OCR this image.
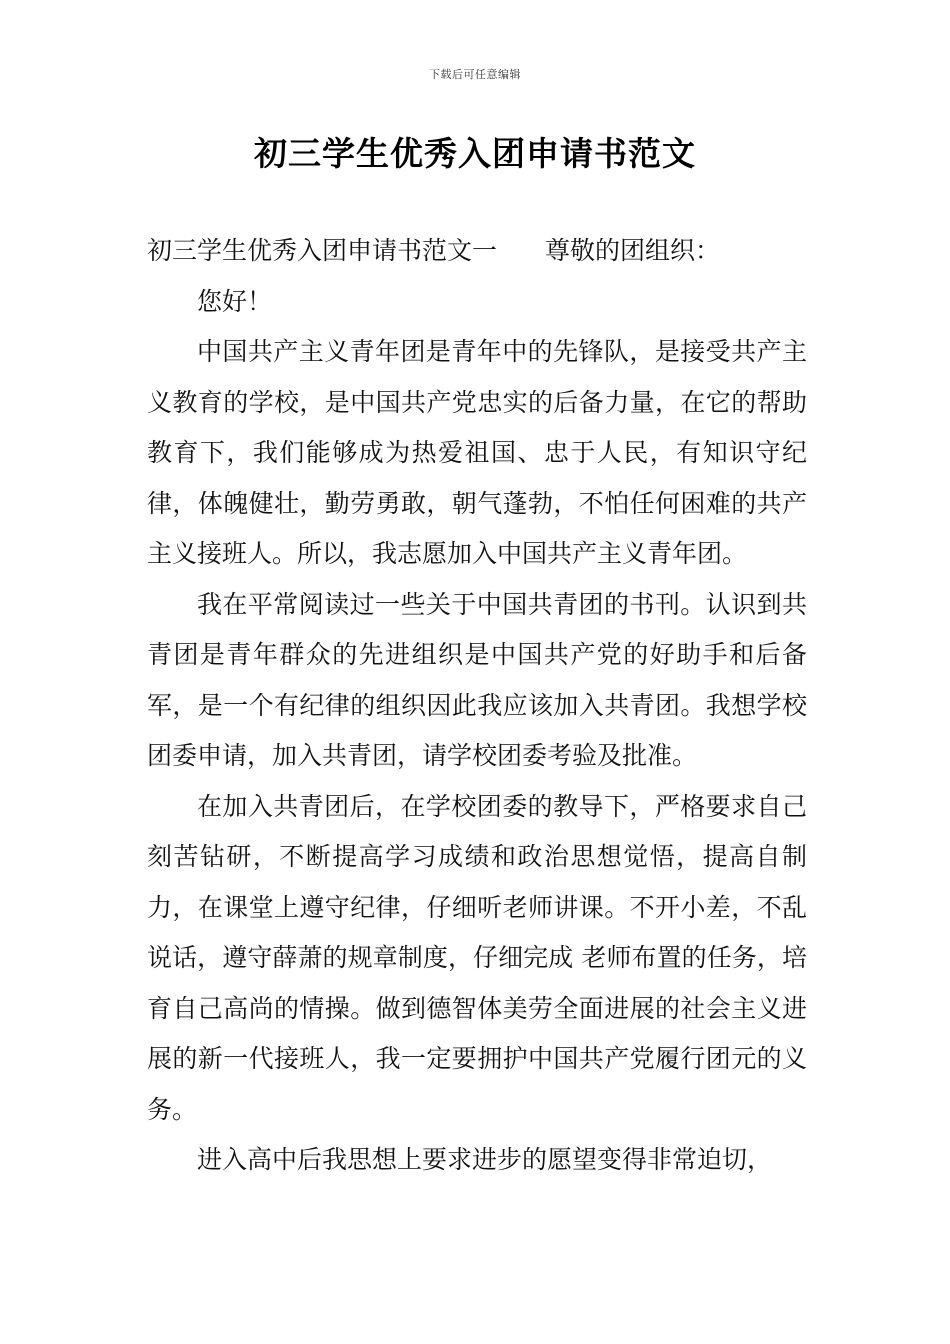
下载后可任意编辑
初三学生优秀入团申请书范文

初三学生优秀入团申请书范文一 尊敬的团组织：

您好！

中国共产主义青年团是青年中的先锋队，是接受共产主义教育的学校，是中国共产党忠实的后备力量，在它的帮助教育下，我们能够成为热爱祖国、忠于人民，有知识守纪律，体魄健壮，勤劳勇敢，朝气蓬勃，不怕任何困难的共产主义接班人。所以，我志愿加入中国共产主义青年团。

我在平常阅读过一些关于中国共青团的书刊。认识到共青团是青年群众的先进组织是中国共产党的好助手和后备军，是一个有纪律的组织因此我应该加入共青团。我想学校团委申请，加入共青团，请学校团委考验及批准。

在加入共青团后，在学校团委的教导下，严格要求自己刻苦钻研，不断提高学习成绩和政治思想觉悟，提高自制力，在课堂上遵守纪律，仔细听老师讲课。不开小差，不乱说话，遵守薛萧的规章制度，仔细完成 老师布置的任务，培育自己高尚的情操。做到德智体美劳全面进展的社会主义进展的新一代接班人，我一定要拥护中国共产党履行团元的义务。

进入高中后我思想上要求进步的愿望变得非常迫切，
